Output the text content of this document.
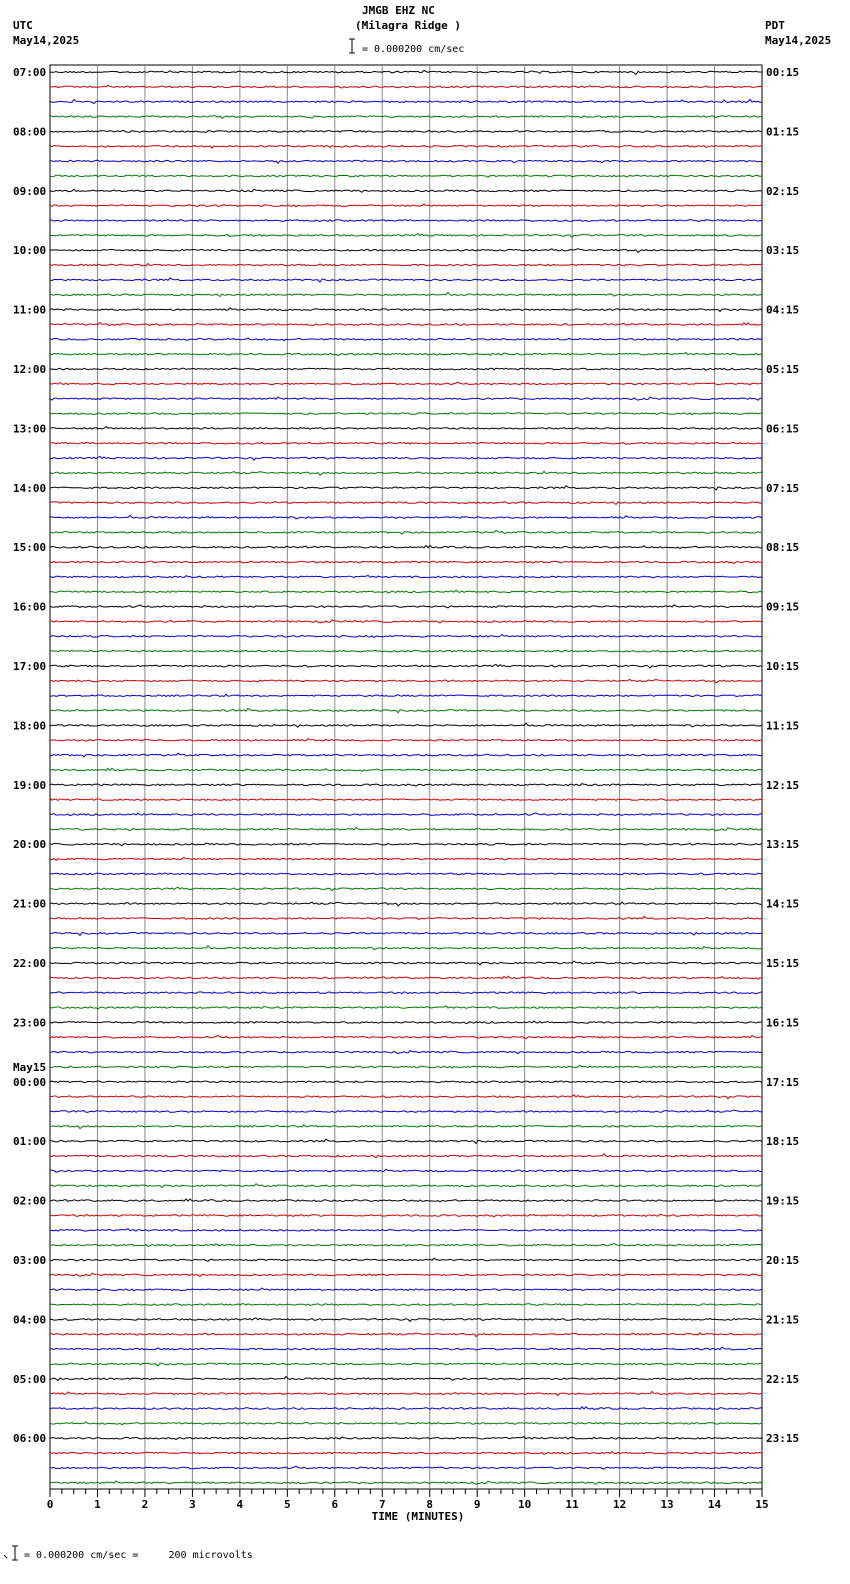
UTC
May14,2025
JMGB EHZ NC
(Milagra Ridge )
= 0.000200 cm/sec
PDT
May14,2025
= 0.000200 cm/sec =     200 microvolts
07:00
08:00
09:00
10:00
11:00
12:00
13:00
14:00
15:00
16:00
17:00
18:00
19:00
20:00
21:00
22:00
23:00
00:00
May15
01:00
02:00
03:00
04:00
05:00
06:00
00:15
01:15
02:15
03:15
04:15
05:15
06:15
07:15
08:15
09:15
10:15
11:15
12:15
13:15
14:15
15:15
16:15
17:15
18:15
19:15
20:15
21:15
22:15
23:15
0	1	2	3	4	5	6	7	8	9	10	11	12	13	14	15
TIME (MINUTES)
